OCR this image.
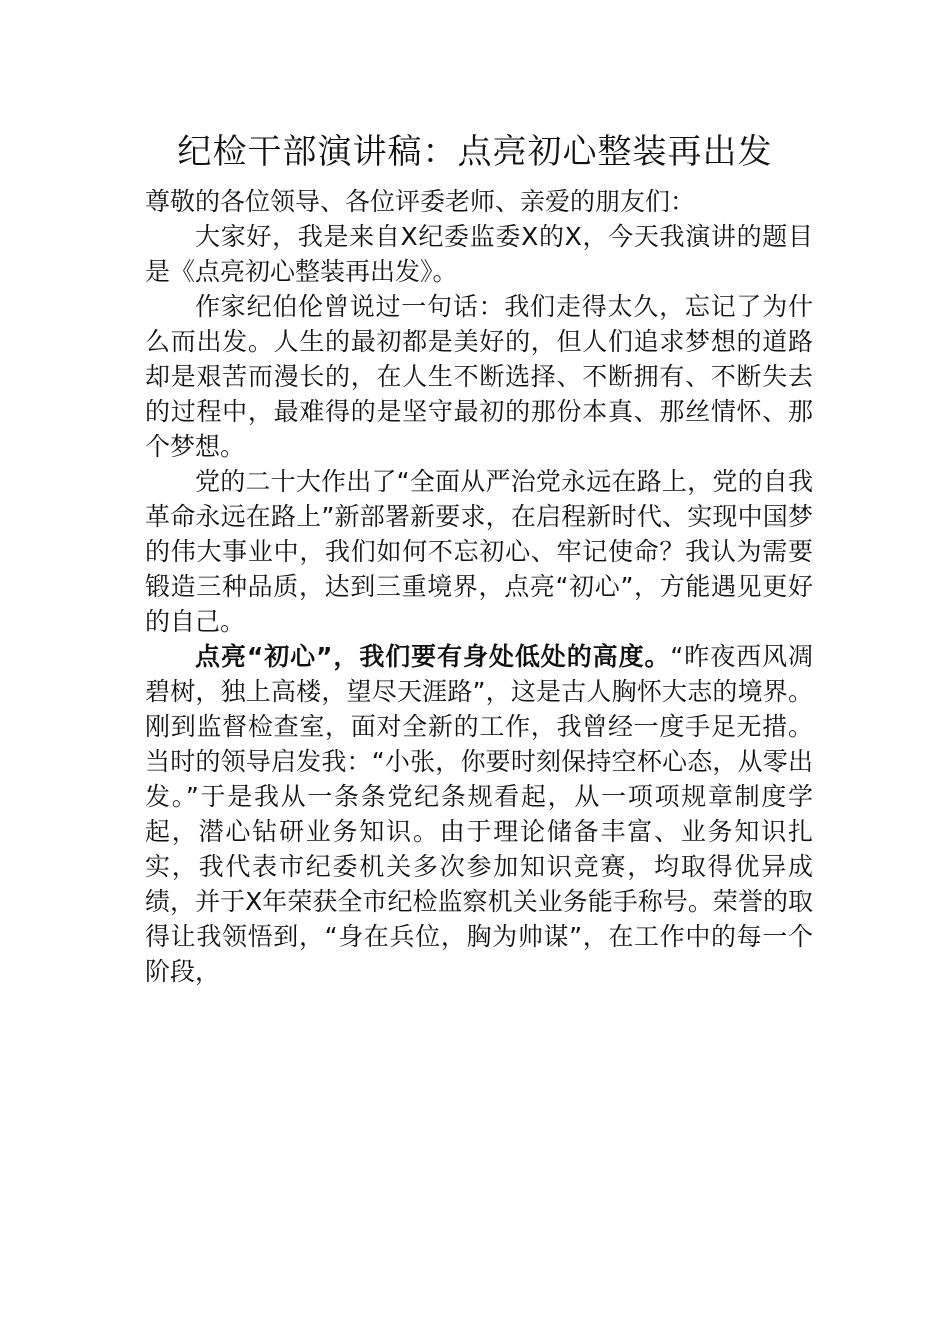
纪检干部演讲稿：点亮初心整装再出发

尊敬的各位领导、各位评委老师、亲爱的朋友们：

大家好，我是来自X纪委监委X的X，今天我演讲的题目是《点亮初心整装再出发》。

作家纪伯伦曾说过一句话：我们走得太久，忘记了为什么而出发。人生的最初都是美好的，但人们追求梦想的道路却是艰苦而漫长的，在人生不断选择、不断拥有、不断失去的过程中，最难得的是坚守最初的那份本真、那丝情怀、那个梦想。

党的二十大作出了“全面从严治党永远在路上，党的自我革命永远在路上”新部署新要求，在启程新时代、实现中国梦的伟大事业中，我们如何不忘初心、牢记使命？我认为需要锻造三种品质，达到三重境界，点亮“初心”，方能遇见更好的自己。

点亮“初心”，我们要有身处低处的高度。“昨夜西风凋碧树，独上高楼，望尽天涯路”，这是古人胸怀大志的境界。刚到监督检查室，面对全新的工作，我曾经一度手足无措。当时的领导启发我：“小张，你要时刻保持空杯心态，从零出发。”于是我从一条条党纪条规看起，从一项项规章制度学起，潜心钻研业务知识。由于理论储备丰富、业务知识扎实，我代表市纪委机关多次参加知识竞赛，均取得优异成绩，并于X年荣获全市纪检监察机关业务能手称号。荣誉的取得让我领悟到，“身在兵位，胸为帅谋”，在工作中的每一个阶段，
